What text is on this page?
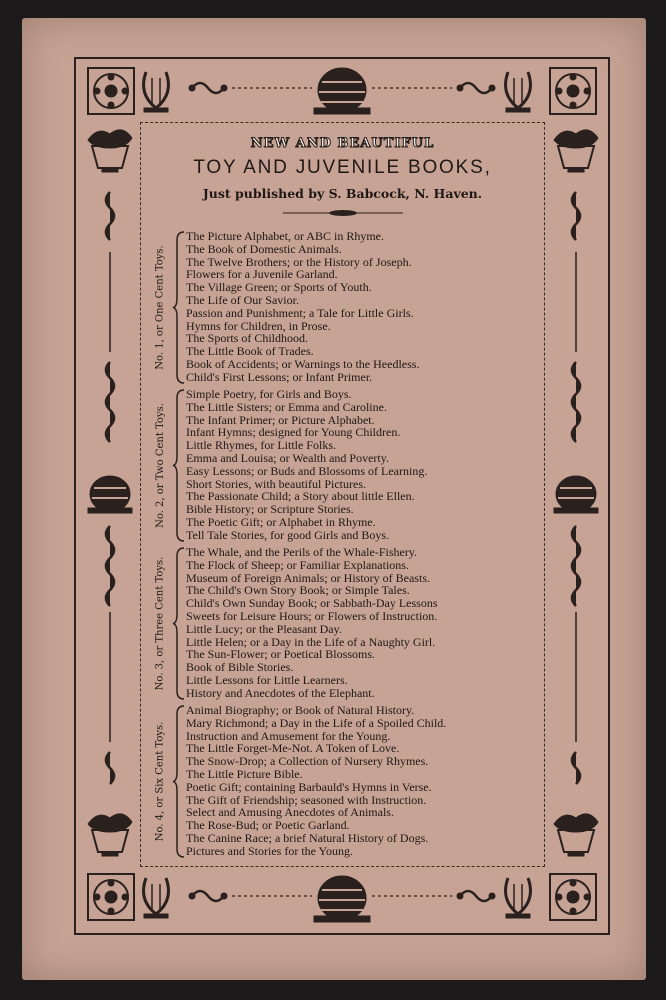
NEW AND BEAUTIFUL
TOY AND JUVENILE BOOKS,
Just published by S. Babcock, N. Haven.
No. 1, or One Cent Toys.
The Picture Alphabet, or ABC in Rhyme.
The Book of Domestic Animals.
The Twelve Brothers; or the History of Joseph.
Flowers for a Juvenile Garland.
The Village Green; or Sports of Youth.
The Life of Our Savior.
Passion and Punishment; a Tale for Little Girls.
Hymns for Children, in Prose.
The Sports of Childhood.
The Little Book of Trades.
Book of Accidents; or Warnings to the Heedless.
Child's First Lessons; or Infant Primer.
No. 2, or Two Cent Toys.
Simple Poetry, for Girls and Boys.
The Little Sisters; or Emma and Caroline.
The Infant Primer; or Picture Alphabet.
Infant Hymns; designed for Young Children.
Little Rhymes, for Little Folks.
Emma and Louisa; or Wealth and Poverty.
Easy Lessons; or Buds and Blossoms of Learning.
Short Stories, with beautiful Pictures.
The Passionate Child; a Story about little Ellen.
Bible History; or Scripture Stories.
The Poetic Gift; or Alphabet in Rhyme.
Tell Tale Stories, for good Girls and Boys.
No. 3, or Three Cent Toys.
The Whale, and the Perils of the Whale-Fishery.
The Flock of Sheep; or Familiar Explanations.
Museum of Foreign Animals; or History of Beasts.
The Child's Own Story Book; or Simple Tales.
Child's Own Sunday Book; or Sabbath-Day Lessons
Sweets for Leisure Hours; or Flowers of Instruction.
Little Lucy; or the Pleasant Day.
Little Helen; or a Day in the Life of a Naughty Girl.
The Sun-Flower; or Poetical Blossoms.
Book of Bible Stories.
Little Lessons for Little Learners.
History and Anecdotes of the Elephant.
No. 4, or Six Cent Toys.
Animal Biography; or Book of Natural History.
Mary Richmond; a Day in the Life of a Spoiled Child.
Instruction and Amusement for the Young.
The Little Forget-Me-Not. A Token of Love.
The Snow-Drop; a Collection of Nursery Rhymes.
The Little Picture Bible.
Poetic Gift; containing Barbauld's Hymns in Verse.
The Gift of Friendship; seasoned with Instruction.
Select and Amusing Anecdotes of Animals.
The Rose-Bud; or Poetic Garland.
The Canine Race; a brief Natural History of Dogs.
Pictures and Stories for the Young.
